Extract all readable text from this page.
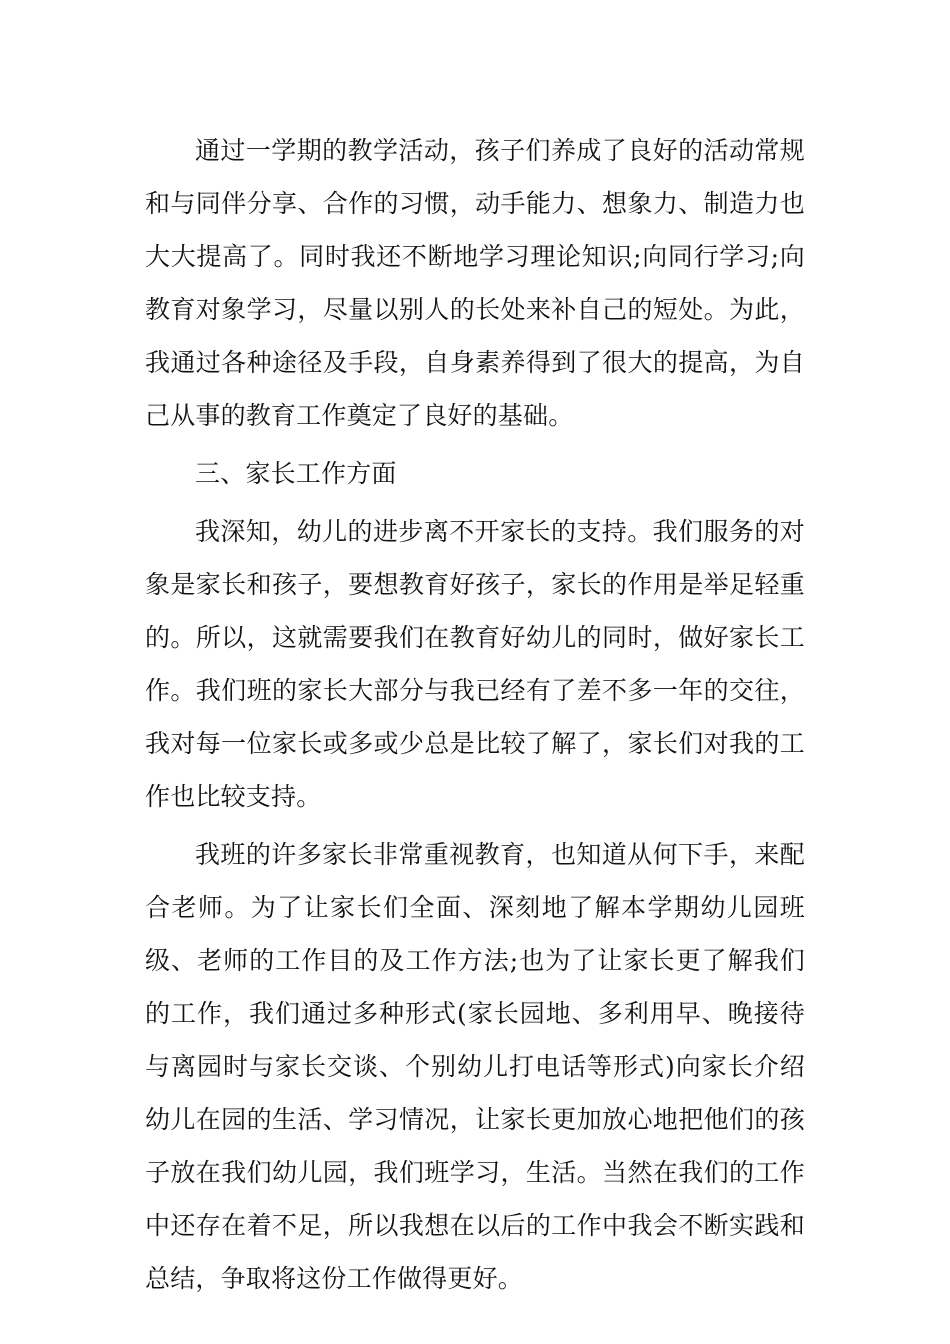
通过一学期的教学活动，孩子们养成了良好的活动常规和与同伴分享、合作的习惯，动手能力、想象力、制造力也大大提高了。同时我还不断地学习理论知识;向同行学习;向教育对象学习，尽量以别人的长处来补自己的短处。为此，我通过各种途径及手段，自身素养得到了很大的提高，为自己从事的教育工作奠定了良好的基础。

三、家长工作方面

我深知，幼儿的进步离不开家长的支持。我们服务的对象是家长和孩子，要想教育好孩子，家长的作用是举足轻重的。所以，这就需要我们在教育好幼儿的同时，做好家长工作。我们班的家长大部分与我已经有了差不多一年的交往，我对每一位家长或多或少总是比较了解了，家长们对我的工作也比较支持。

我班的许多家长非常重视教育，也知道从何下手，来配合老师。为了让家长们全面、深刻地了解本学期幼儿园班级、老师的工作目的及工作方法;也为了让家长更了解我们的工作，我们通过多种形式(家长园地、多利用早、晚接待与离园时与家长交谈、个别幼儿打电话等形式)向家长介绍幼儿在园的生活、学习情况，让家长更加放心地把他们的孩子放在我们幼儿园，我们班学习，生活。当然在我们的工作中还存在着不足，所以我想在以后的工作中我会不断实践和总结，争取将这份工作做得更好。
